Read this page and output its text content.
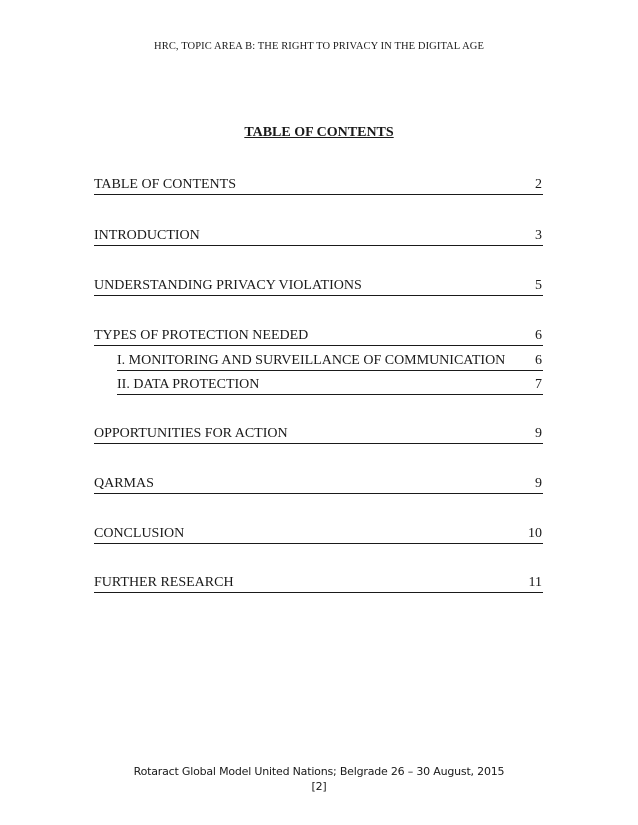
HRC, TOPIC AREA B: THE RIGHT TO PRIVACY IN THE DIGITAL AGE
TABLE OF CONTENTS
TABLE OF CONTENTS	2
INTRODUCTION	3
UNDERSTANDING PRIVACY VIOLATIONS	5
TYPES OF PROTECTION NEEDED	6
I. MONITORING AND SURVEILLANCE OF COMMUNICATION 6
II. DATA PROTECTION	7
OPPORTUNITIES FOR ACTION	9
QARMAS	9
CONCLUSION	10
FURTHER RESEARCH	11
Rotaract Global Model United Nations; Belgrade 26 – 30 August, 2015
[2]
